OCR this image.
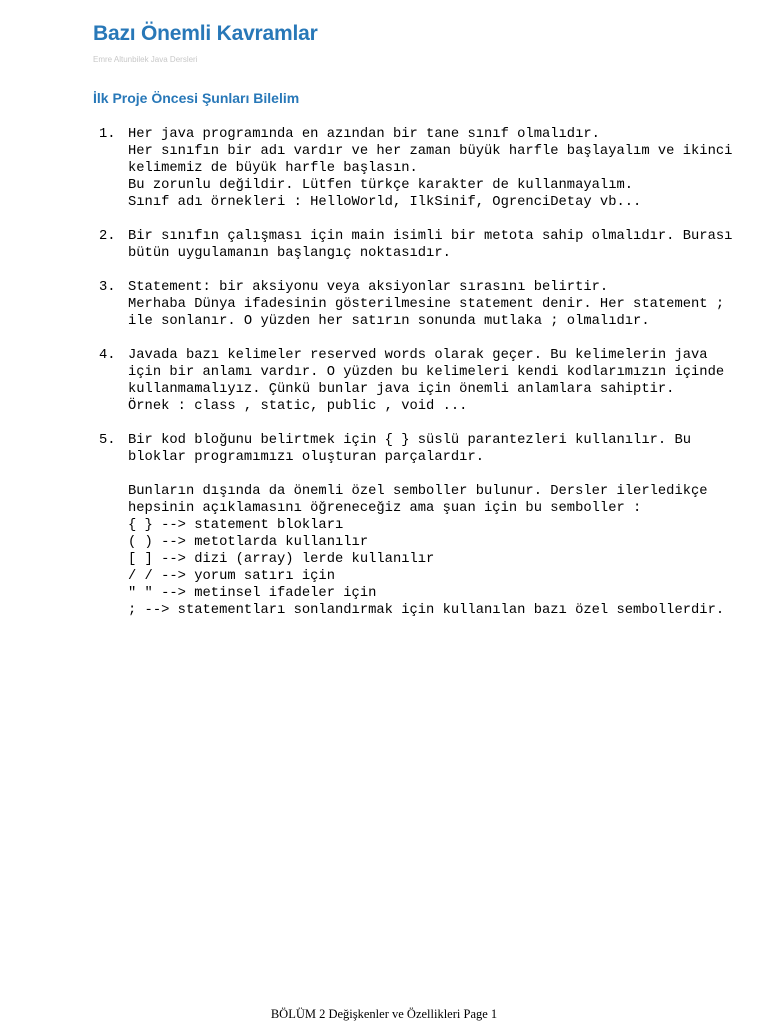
Bazı Önemli Kavramlar
Emre Altunbilek Java Dersleri
İlk Proje Öncesi Şunları Bilelim
1. Her java programında en azından bir tane sınıf olmalıdır.
Her sınıfın bir adı vardır ve her zaman büyük harfle başlayalım ve ikinci
kelimemiz de büyük harfle başlasın.
Bu zorunlu değildir. Lütfen türkçe karakter de kullanmayalım.
Sınıf adı örnekleri : HelloWorld, IlkSinif, OgrenciDetay vb...
2. Bir sınıfın çalışması için main isimli bir metota sahip olmalıdır. Burası
bütün uygulamanın başlangıç noktasıdır.
3. Statement: bir aksiyonu veya aksiyonlar sırasını belirtir.
Merhaba Dünya ifadesinin gösterilmesine statement denir. Her statement ;
ile sonlanır. O yüzden her satırın sonunda mutlaka ; olmalıdır.
4. Javada bazı kelimeler reserved words olarak geçer. Bu kelimelerin java
için bir anlamı vardır. O yüzden bu kelimeleri kendi kodlarımızın içinde
kullanmamalıyız. Çünkü bunlar java için önemli anlamlara sahiptir.
Örnek : class , static, public , void ...
5. Bir kod bloğunu belirtmek için { } süslü parantezleri kullanılır. Bu
bloklar programımızı oluşturan parçalardır.
Bunların dışında da önemli özel semboller bulunur. Dersler ilerledikçe
hepsinin açıklamasını öğreneceğiz ama şuan için bu semboller :
{ } --> statement blokları
( ) --> metotlarda kullanılır
[ ] --> dizi (array) lerde kullanılır
/ / --> yorum satırı için
" " --> metinsel ifadeler için
; --> statementları sonlandırmak için kullanılan bazı özel sembollerdir.
BÖLÜM 2 Değişkenler ve Özellikleri Page 1
